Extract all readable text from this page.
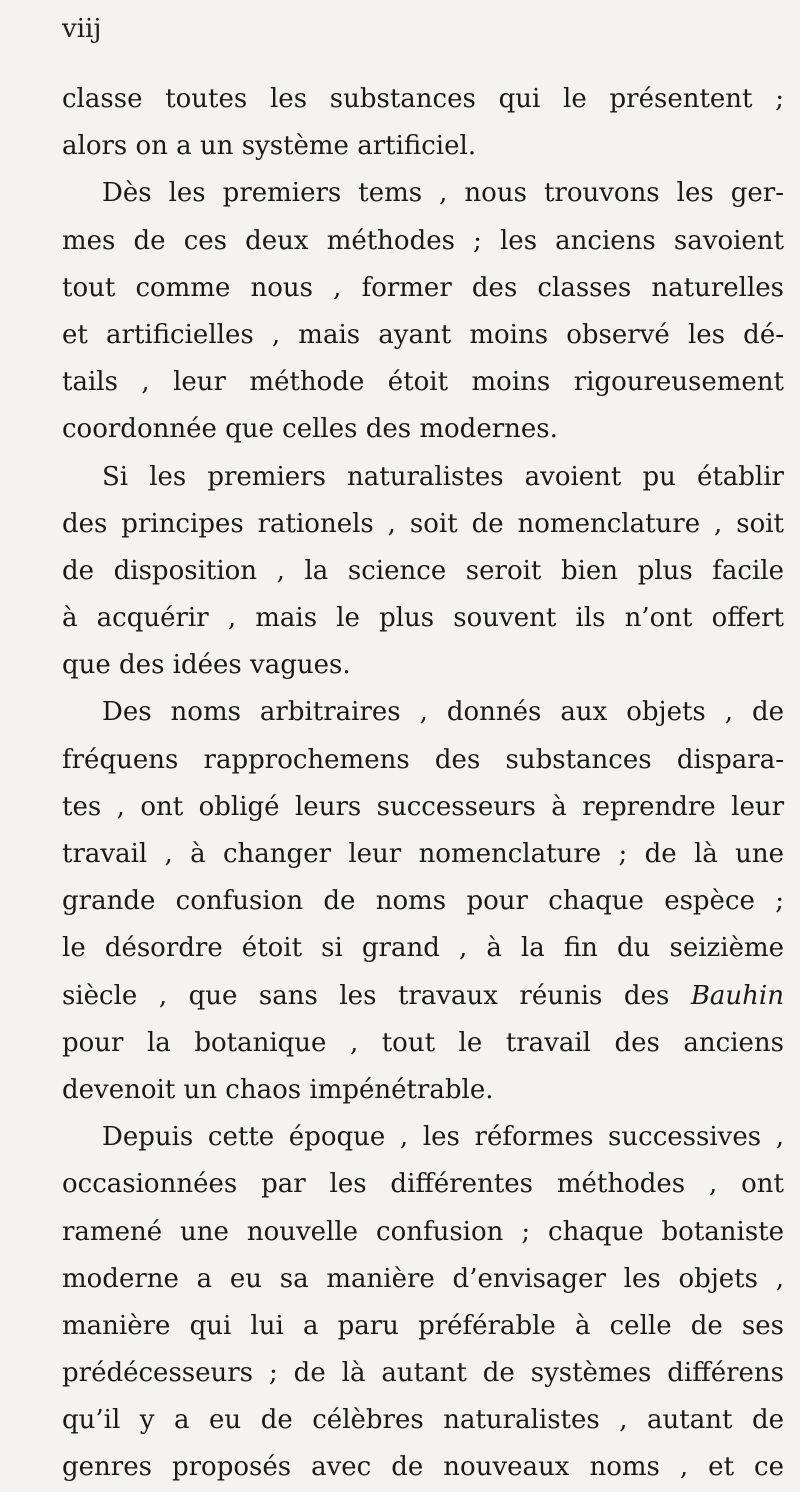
viij
classe toutes les substances qui le présentent ;
alors on a un système artificiel.
Dès les premiers tems , nous trouvons les ger-
mes de ces deux méthodes ; les anciens savoient
tout comme nous , former des classes naturelles
et artificielles , mais ayant moins observé les dé-
tails , leur méthode étoit moins rigoureusement
coordonnée que celles des modernes.
Si les premiers naturalistes avoient pu établir
des principes rationels , soit de nomenclature , soit
de disposition , la science seroit bien plus facile
à acquérir , mais le plus souvent ils n’ont offert
que des idées vagues.
Des noms arbitraires , donnés aux objets , de
fréquens rapprochemens des substances dispara-
tes , ont obligé leurs successeurs à reprendre leur
travail , à changer leur nomenclature ; de là une
grande confusion de noms pour chaque espèce ;
le désordre étoit si grand , à la fin du seizième
siècle , que sans les travaux réunis des Bauhin
pour la botanique , tout le travail des anciens
devenoit un chaos impénétrable.
Depuis cette époque , les réformes successives ,
occasionnées par les différentes méthodes , ont
ramené une nouvelle confusion ; chaque botaniste
moderne a eu sa manière d’envisager les objets ,
manière qui lui a paru préférable à celle de ses
prédécesseurs ; de là autant de systèmes différens
qu’il y a eu de célèbres naturalistes , autant de
genres proposés avec de nouveaux noms , et ce
